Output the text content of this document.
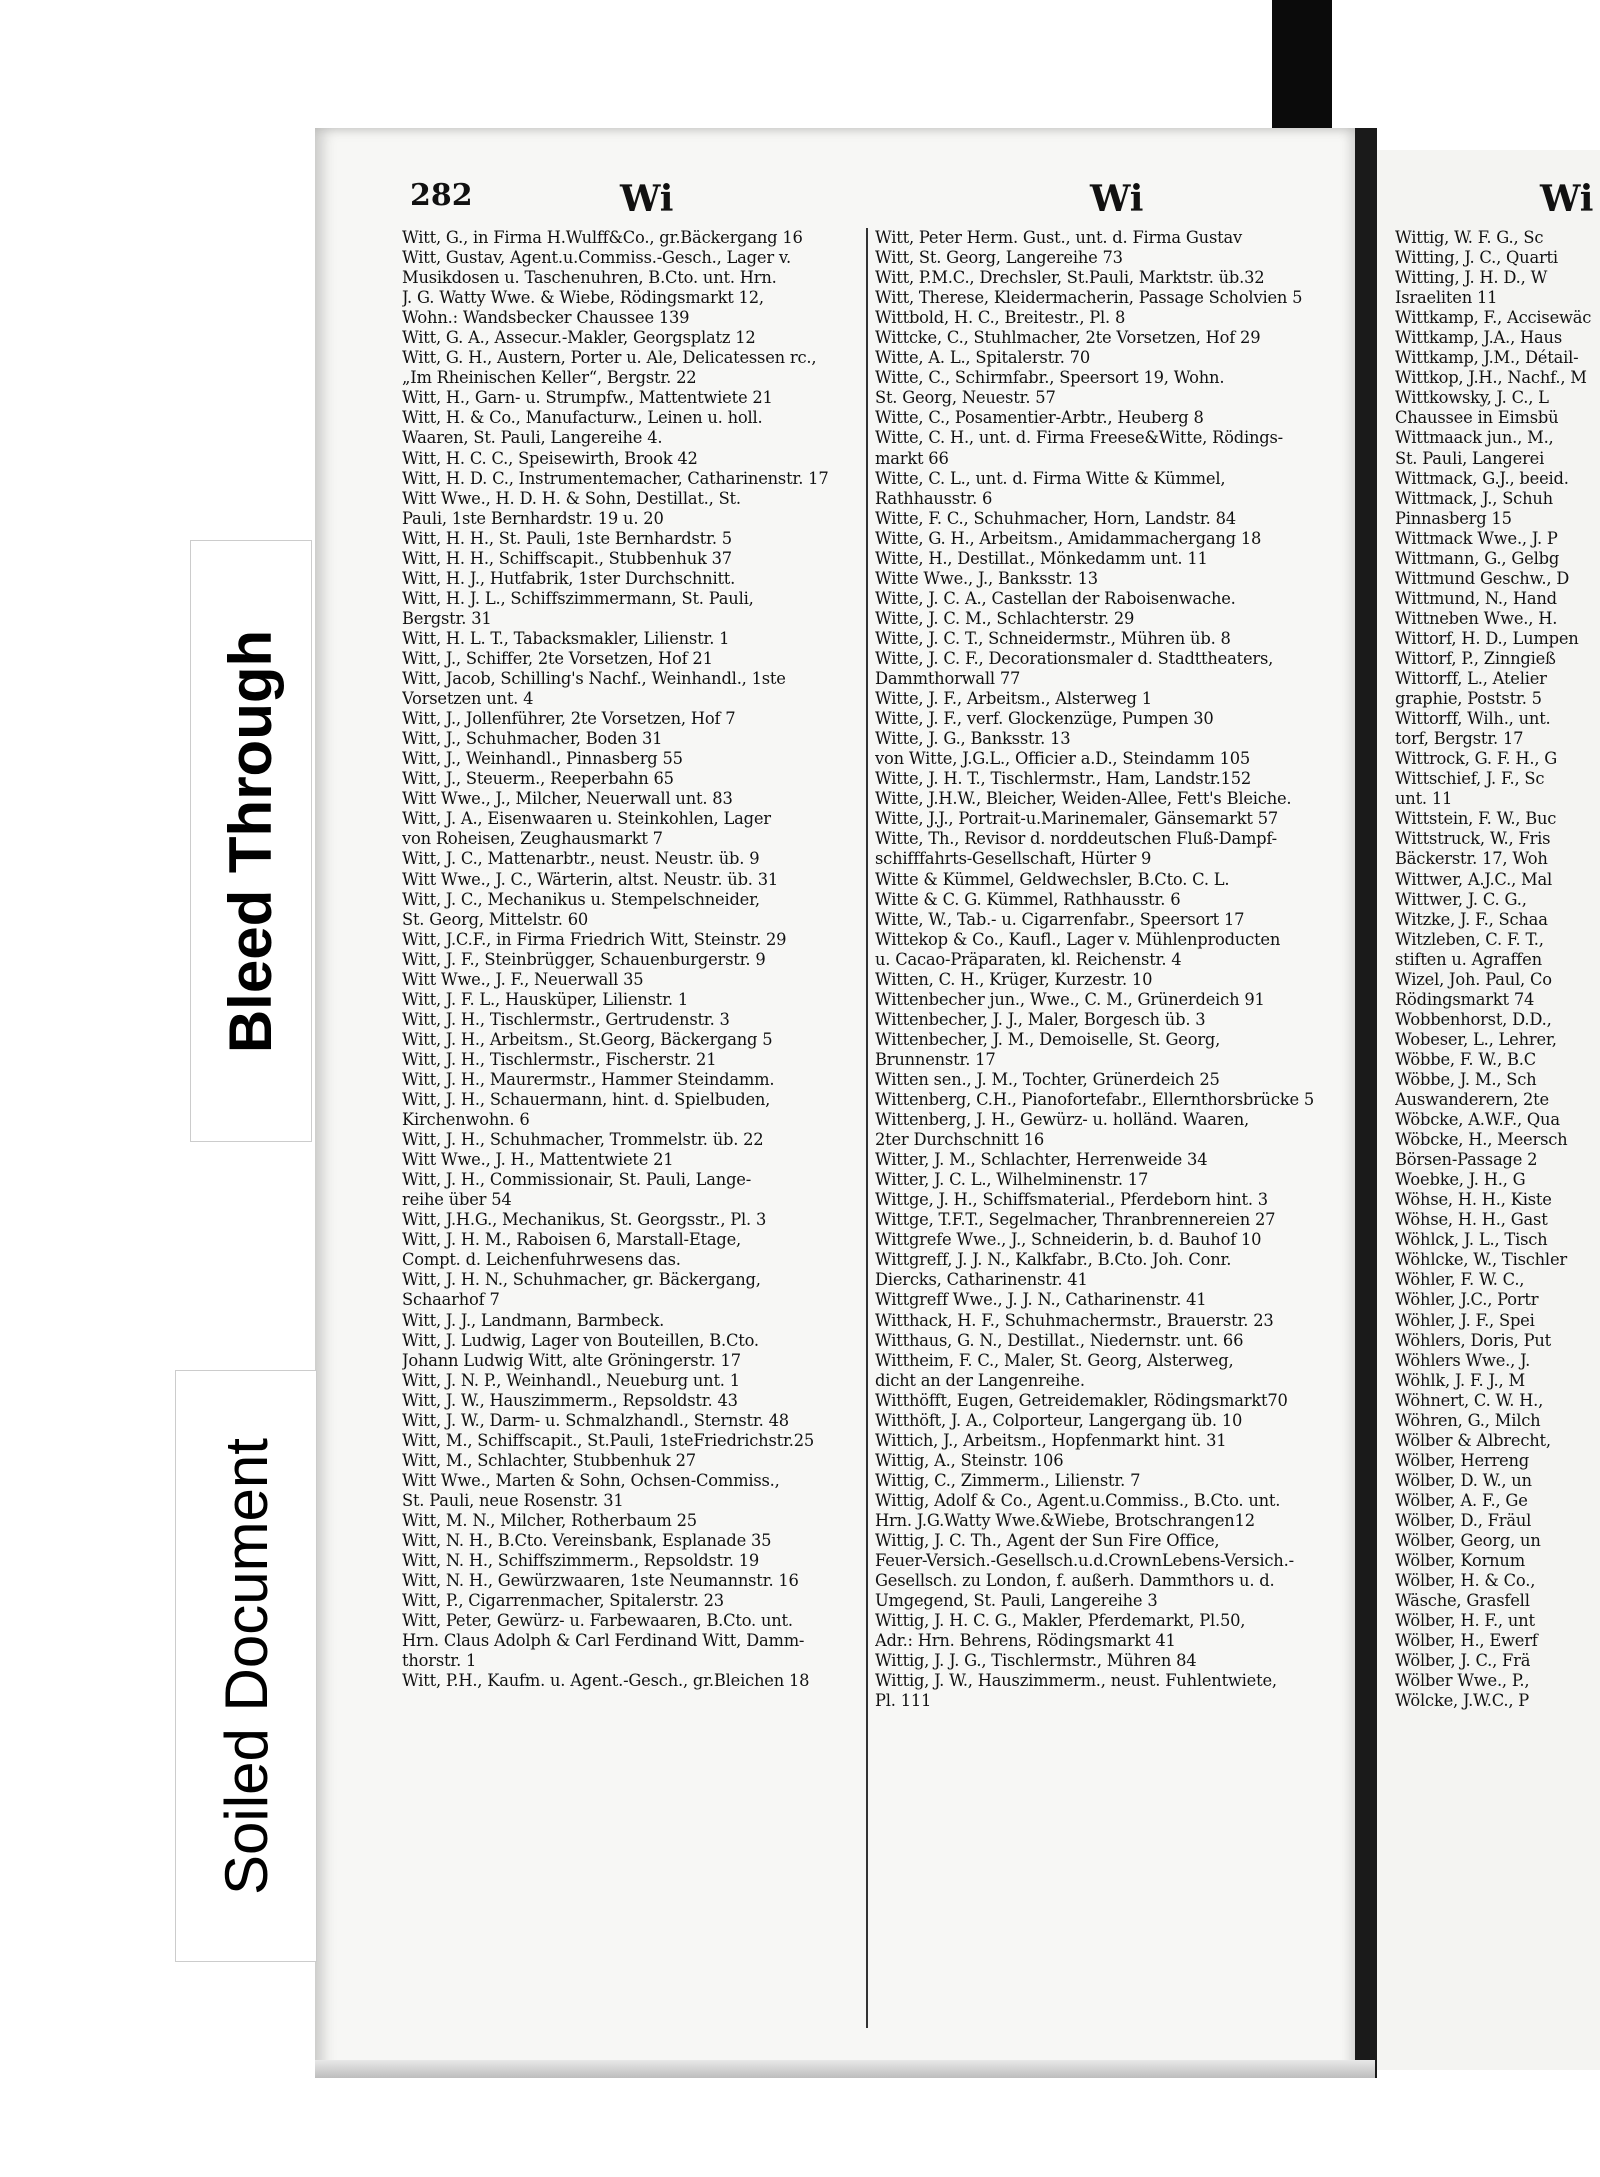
282	Wi	Wi	Wi

Witt, G., in Firma H.Wulff&Co., gr.Bäckergang 16

Witt, Gustav, Agent.u.Commiss.-Gesch., Lager v.

Musikdosen u. Taschenuhren, B.Cto. unt. Hrn.

J. G. Watty Wwe. & Wiebe, Rödingsmarkt 12,

Wohn.: Wandsbecker Chaussee 139

Witt, G. A., Assecur.-Makler, Georgsplatz 12

Witt, G. H., Austern, Porter u. Ale, Delicatessen rc.,

„Im Rheinischen Keller“, Bergstr. 22

Witt, H., Garn- u. Strumpfw., Mattentwiete 21

Witt, H. & Co., Manufacturw., Leinen u. holl.

Waaren, St. Pauli, Langereihe 4.

Witt, H. C. C., Speisewirth, Brook 42

Witt, H. D. C., Instrumentemacher, Catharinenstr. 17

Witt Wwe., H. D. H. & Sohn, Destillat., St.

Pauli, 1ste Bernhardstr. 19 u. 20

Witt, H. H., St. Pauli, 1ste Bernhardstr. 5

Witt, H. H., Schiffscapit., Stubbenhuk 37

Witt, H. J., Hutfabrik, 1ster Durchschnitt.

Witt, H. J. L., Schiffszimmermann, St. Pauli,

Bergstr. 31

Witt, H. L. T., Tabacksmakler, Lilienstr. 1

Witt, J., Schiffer, 2te Vorsetzen, Hof 21

Witt, Jacob, Schilling's Nachf., Weinhandl., 1ste

Vorsetzen unt. 4

Witt, J., Jollenführer, 2te Vorsetzen, Hof 7

Witt, J., Schuhmacher, Boden 31

Witt, J., Weinhandl., Pinnasberg 55

Witt, J., Steuerm., Reeperbahn 65

Witt Wwe., J., Milcher, Neuerwall unt. 83

Witt, J. A., Eisenwaaren u. Steinkohlen, Lager

von Roheisen, Zeughausmarkt 7

Witt, J. C., Mattenarbtr., neust. Neustr. üb. 9

Witt Wwe., J. C., Wärterin, altst. Neustr. üb. 31

Witt, J. C., Mechanikus u. Stempelschneider,

St. Georg, Mittelstr. 60

Witt, J.C.F., in Firma Friedrich Witt, Steinstr. 29

Witt, J. F., Steinbrügger, Schauenburgerstr. 9

Witt Wwe., J. F., Neuerwall 35

Witt, J. F. L., Hausküper, Lilienstr. 1

Witt, J. H., Tischlermstr., Gertrudenstr. 3

Witt, J. H., Arbeitsm., St.Georg, Bäckergang 5

Witt, J. H., Tischlermstr., Fischerstr. 21

Witt, J. H., Maurermstr., Hammer Steindamm.

Witt, J. H., Schauermann, hint. d. Spielbuden,

Kirchenwohn. 6

Witt, J. H., Schuhmacher, Trommelstr. üb. 22

Witt Wwe., J. H., Mattentwiete 21

Witt, J. H., Commissionair, St. Pauli, Lange-

reihe über 54

Witt, J.H.G., Mechanikus, St. Georgsstr., Pl. 3

Witt, J. H. M., Raboisen 6, Marstall-Etage,

Compt. d. Leichenfuhrwesens das.

Witt, J. H. N., Schuhmacher, gr. Bäckergang,

Schaarhof 7

Witt, J. J., Landmann, Barmbeck.

Witt, J. Ludwig, Lager von Bouteillen, B.Cto.

Johann Ludwig Witt, alte Gröningerstr. 17

Witt, J. N. P., Weinhandl., Neueburg unt. 1

Witt, J. W., Hauszimmerm., Repsoldstr. 43

Witt, J. W., Darm- u. Schmalzhandl., Sternstr. 48

Witt, M., Schiffscapit., St.Pauli, 1steFriedrichstr.25

Witt, M., Schlachter, Stubbenhuk 27

Witt Wwe., Marten & Sohn, Ochsen-Commiss.,

St. Pauli, neue Rosenstr. 31

Witt, M. N., Milcher, Rotherbaum 25

Witt, N. H., B.Cto. Vereinsbank, Esplanade 35

Witt, N. H., Schiffszimmerm., Repsoldstr. 19

Witt, N. H., Gewürzwaaren, 1ste Neumannstr. 16

Witt, P., Cigarrenmacher, Spitalerstr. 23

Witt, Peter, Gewürz- u. Farbewaaren, B.Cto. unt.

Hrn. Claus Adolph & Carl Ferdinand Witt, Damm-

thorstr. 1

Witt, P.H., Kaufm. u. Agent.-Gesch., gr.Bleichen 18

Witt, Peter Herm. Gust., unt. d. Firma Gustav

Witt, St. Georg, Langereihe 73

Witt, P.M.C., Drechsler, St.Pauli, Marktstr. üb.32

Witt, Therese, Kleidermacherin, Passage Scholvien 5

Wittbold, H. C., Breitestr., Pl. 8

Wittcke, C., Stuhlmacher, 2te Vorsetzen, Hof 29

Witte, A. L., Spitalerstr. 70

Witte, C., Schirmfabr., Speersort 19, Wohn.

St. Georg, Neuestr. 57

Witte, C., Posamentier-Arbtr., Heuberg 8

Witte, C. H., unt. d. Firma Freese&Witte, Rödings-

markt 66

Witte, C. L., unt. d. Firma Witte & Kümmel,

Rathhausstr. 6

Witte, F. C., Schuhmacher, Horn, Landstr. 84

Witte, G. H., Arbeitsm., Amidammachergang 18

Witte, H., Destillat., Mönkedamm unt. 11

Witte Wwe., J., Banksstr. 13

Witte, J. C. A., Castellan der Raboisenwache.

Witte, J. C. M., Schlachterstr. 29

Witte, J. C. T., Schneidermstr., Mühren üb. 8

Witte, J. C. F., Decorationsmaler d. Stadttheaters,

Dammthorwall 77

Witte, J. F., Arbeitsm., Alsterweg 1

Witte, J. F., verf. Glockenzüge, Pumpen 30

Witte, J. G., Banksstr. 13

von Witte, J.G.L., Officier a.D., Steindamm 105

Witte, J. H. T., Tischlermstr., Ham, Landstr.152

Witte, J.H.W., Bleicher, Weiden-Allee, Fett's Bleiche.

Witte, J.J., Portrait-u.Marinemaler, Gänsemarkt 57

Witte, Th., Revisor d. norddeutschen Fluß-Dampf-

schifffahrts-Gesellschaft, Hürter 9

Witte & Kümmel, Geldwechsler, B.Cto. C. L.

Witte & C. G. Kümmel, Rathhausstr. 6

Witte, W., Tab.- u. Cigarrenfabr., Speersort 17

Wittekop & Co., Kaufl., Lager v. Mühlenproducten

u. Cacao-Präparaten, kl. Reichenstr. 4

Witten, C. H., Krüger, Kurzestr. 10

Wittenbecher jun., Wwe., C. M., Grünerdeich 91

Wittenbecher, J. J., Maler, Borgesch üb. 3

Wittenbecher, J. M., Demoiselle, St. Georg,

Brunnenstr. 17

Witten sen., J. M., Tochter, Grünerdeich 25

Wittenberg, C.H., Pianofortefabr., Ellernthorsbrücke 5

Wittenberg, J. H., Gewürz- u. holländ. Waaren,

2ter Durchschnitt 16

Witter, J. M., Schlachter, Herrenweide 34

Witter, J. C. L., Wilhelminenstr. 17

Wittge, J. H., Schiffsmaterial., Pferdeborn hint. 3

Wittge, T.F.T., Segelmacher, Thranbrennereien 27

Wittgrefe Wwe., J., Schneiderin, b. d. Bauhof 10

Wittgreff, J. J. N., Kalkfabr., B.Cto. Joh. Conr.

Diercks, Catharinenstr. 41

Wittgreff Wwe., J. J. N., Catharinenstr. 41

Witthack, H. F., Schuhmachermstr., Brauerstr. 23

Witthaus, G. N., Destillat., Niedernstr. unt. 66

Wittheim, F. C., Maler, St. Georg, Alsterweg,

dicht an der Langenreihe.

Witthöfft, Eugen, Getreidemakler, Rödingsmarkt70

Witthöft, J. A., Colporteur, Langergang üb. 10

Wittich, J., Arbeitsm., Hopfenmarkt hint. 31

Wittig, A., Steinstr. 106

Wittig, C., Zimmerm., Lilienstr. 7

Wittig, Adolf & Co., Agent.u.Commiss., B.Cto. unt.

Hrn. J.G.Watty Wwe.&Wiebe, Brotschrangen12

Wittig, J. C. Th., Agent der Sun Fire Office,

Feuer-Versich.-Gesellsch.u.d.CrownLebens-Versich.-

Gesellsch. zu London, f. außerh. Dammthors u. d.

Umgegend, St. Pauli, Langereihe 3

Wittig, J. H. C. G., Makler, Pferdemarkt, Pl.50,

Adr.: Hrn. Behrens, Rödingsmarkt 41

Wittig, J. J. G., Tischlermstr., Mühren 84

Wittig, J. W., Hauszimmerm., neust. Fuhlentwiete,

Pl. 111

Wittig, W. F. G., Sc

Witting, J. C., Quarti

Witting, J. H. D., W

Israeliten 11

Wittkamp, F., Accisewäc

Wittkamp, J.A., Haus

Wittkamp, J.M., Détail-

Wittkop, J.H., Nachf., M

Wittkowsky, J. C., L

Chaussee in Eimsbü

Wittmaack jun., M.,

St. Pauli, Langerei

Wittmack, G.J., beeid.

Wittmack, J., Schuh

Pinnasberg 15

Wittmack Wwe., J. P

Wittmann, G., Gelbg

Wittmund Geschw., D

Wittmund, N., Hand

Wittneben Wwe., H.

Wittorf, H. D., Lumpen

Wittorf, P., Zinngieß

Wittorff, L., Atelier

graphie, Poststr. 5

Wittorff, Wilh., unt.

torf, Bergstr. 17

Wittrock, G. F. H., G

Wittschief, J. F., Sc

unt. 11

Wittstein, F. W., Buc

Wittstruck, W., Fris

Bäckerstr. 17, Woh

Wittwer, A.J.C., Mal

Wittwer, J. C. G.,

Witzke, J. F., Schaa

Witzleben, C. F. T.,

stiften u. Agraffen

Wizel, Joh. Paul, Co

Rödingsmarkt 74

Wobbenhorst, D.D.,

Wobeser, L., Lehrer,

Wöbbe, F. W., B.C

Wöbbe, J. M., Sch

Auswanderern, 2te

Wöbcke, A.W.F., Qua

Wöbcke, H., Meersch

Börsen-Passage 2

Woebke, J. H., G

Wöhse, H. H., Kiste

Wöhse, H. H., Gast

Wöhlck, J. L., Tisch

Wöhlcke, W., Tischler

Wöhler, F. W. C.,

Wöhler, J.C., Portr

Wöhler, J. F., Spei

Wöhlers, Doris, Put

Wöhlers Wwe., J.

Wöhlk, J. F. J., M

Wöhnert, C. W. H.,

Wöhren, G., Milch

Wölber & Albrecht,

Wölber, Herreng

Wölber, D. W., un

Wölber, A. F., Ge

Wölber, D., Fräul

Wölber, Georg, un

Wölber, Kornum

Wölber, H. & Co.,

Wäsche, Grasfell

Wölber, H. F., unt

Wölber, H., Ewerf

Wölber, J. C., Frä

Wölber Wwe., P.,

Wölcke, J.W.C., P

Bleed Through
Soiled Document
